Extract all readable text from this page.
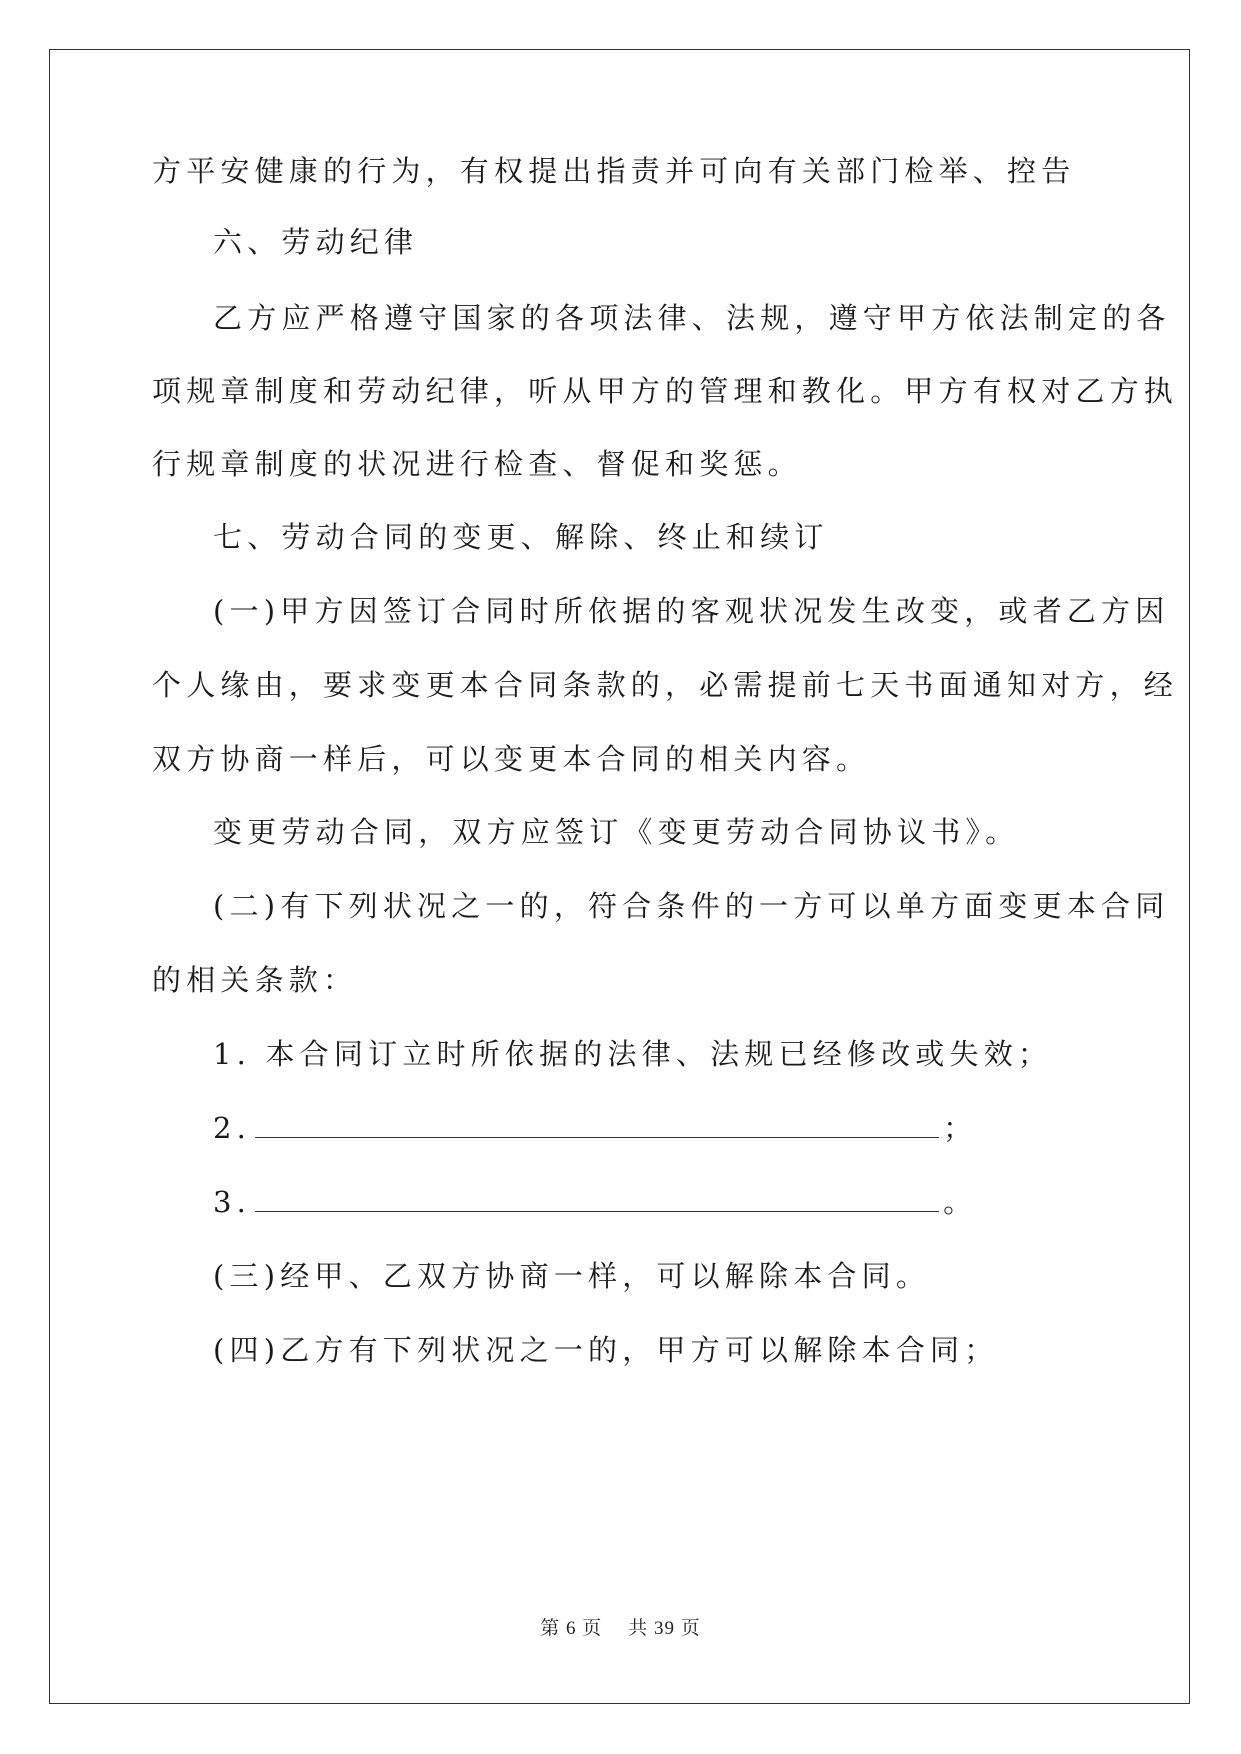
方平安健康的行为，有权提出指责并可向有关部门检举、控告
六、劳动纪律
乙方应严格遵守国家的各项法律、法规，遵守甲方依法制定的各
项规章制度和劳动纪律，听从甲方的管理和教化。甲方有权对乙方执
行规章制度的状况进行检查、督促和奖惩。
七、劳动合同的变更、解除、终止和续订
(一)甲方因签订合同时所依据的客观状况发生改变，或者乙方因
个人缘由，要求变更本合同条款的，必需提前七天书面通知对方，经
双方协商一样后，可以变更本合同的相关内容。
变更劳动合同，双方应签订《变更劳动合同协议书》。
(二)有下列状况之一的，符合条件的一方可以单方面变更本合同
的相关条款：
1. 本合同订立时所依据的法律、法规已经修改或失效；
2.	；
3.	。
(三)经甲、乙双方协商一样，可以解除本合同。
(四)乙方有下列状况之一的，甲方可以解除本合同；
第 6 页 共 39 页
